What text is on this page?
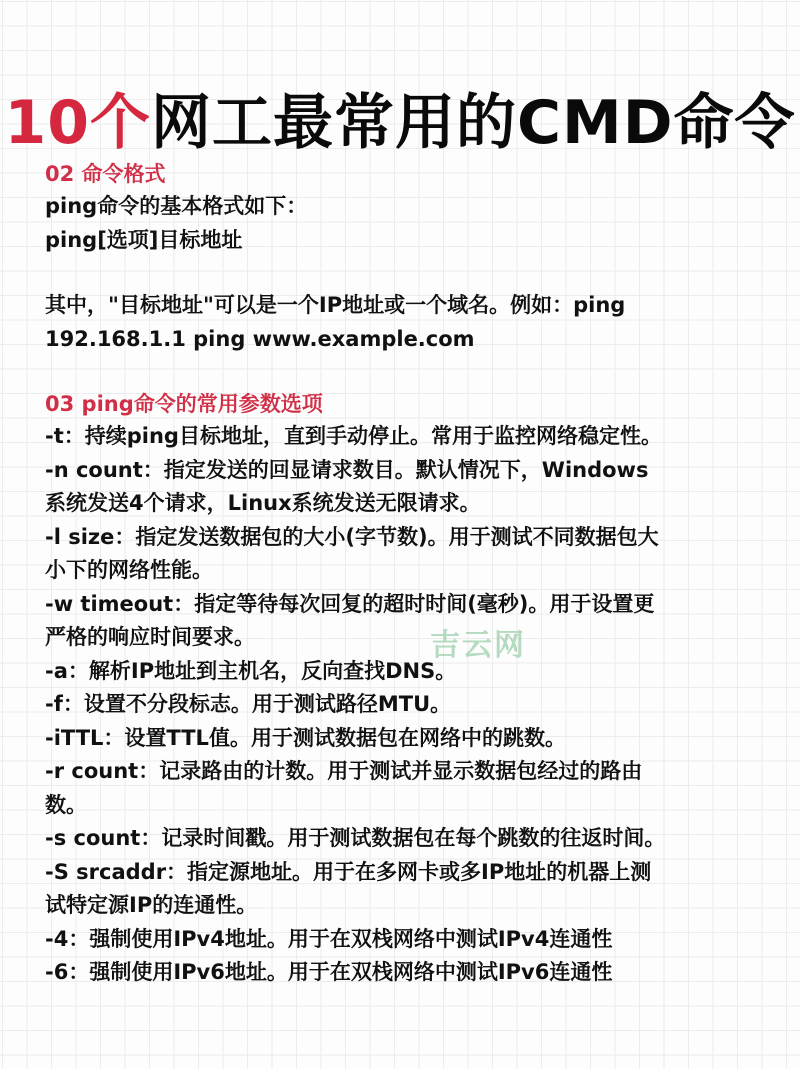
10个网工最常用的CMD命令
02 命令格式
ping命令的基本格式如下：
ping[选项]目标地址
其中，"目标地址"可以是一个IP地址或一个域名。例如：ping
192.168.1.1 ping www.example.com
03 ping命令的常用参数选项
-t：持续ping目标地址，直到手动停止。常用于监控网络稳定性。
-n count：指定发送的回显请求数目。默认情况下，Windows
系统发送4个请求，Linux系统发送无限请求。
-l size：指定发送数据包的大小(字节数)。用于测试不同数据包大
小下的网络性能。
-w timeout：指定等待每次回复的超时时间(毫秒)。用于设置更
严格的响应时间要求。
-a：解析IP地址到主机名，反向查找DNS。
-f：设置不分段标志。用于测试路径MTU。
-iTTL：设置TTL值。用于测试数据包在网络中的跳数。
-r count：记录路由的计数。用于测试并显示数据包经过的路由
数。
-s count：记录时间戳。用于测试数据包在每个跳数的往返时间。
-S srcaddr：指定源地址。用于在多网卡或多IP地址的机器上测
试特定源IP的连通性。
-4：强制使用IPv4地址。用于在双栈网络中测试IPv4连通性
-6：强制使用IPv6地址。用于在双栈网络中测试IPv6连通性
吉云网
